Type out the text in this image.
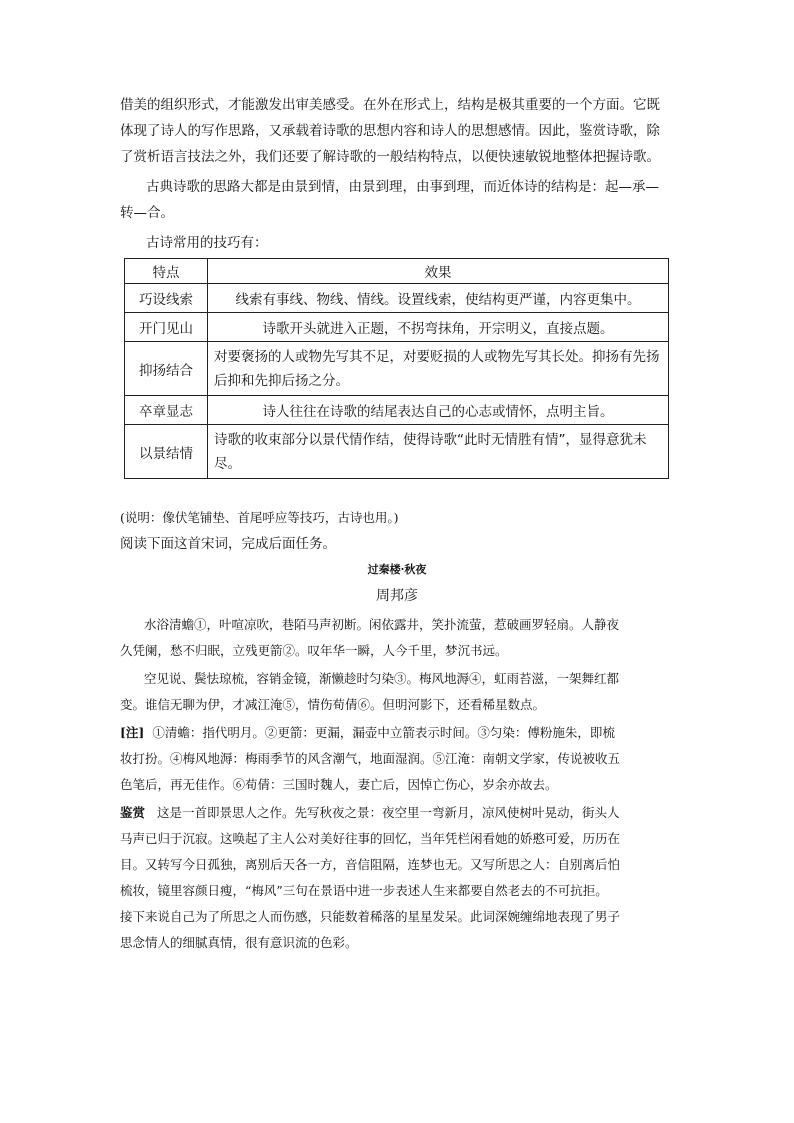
借美的组织形式，才能激发出审美感受。在外在形式上，结构是极其重要的一个方面。它既
体现了诗人的写作思路，又承载着诗歌的思想内容和诗人的思想感情。因此，鉴赏诗歌，除
了赏析语言技法之外，我们还要了解诗歌的一般结构特点，以便快速敏锐地整体把握诗歌。
古典诗歌的思路大都是由景到情，由景到理，由事到理，而近体诗的结构是：起—承—
转—合。
古诗常用的技巧有：
特点	效果
巧设线索	线索有事线、物线、情线。设置线索，使结构更严谨，内容更集中。
开门见山	诗歌开头就进入正题，不拐弯抹角，开宗明义，直接点题。
抑扬结合	对要褒扬的人或物先写其不足，对要贬损的人或物先写其长处。抑扬有先扬后抑和先抑后扬之分。
卒章显志	诗人往往在诗歌的结尾表达自己的心志或情怀，点明主旨。
以景结情	诗歌的收束部分以景代情作结，使得诗歌“此时无情胜有情”，显得意犹未尽。
(说明：像伏笔铺垫、首尾呼应等技巧，古诗也用。)
阅读下面这首宋词，完成后面任务。
过秦楼·秋夜
周邦彦
水浴清蟾①，叶喧凉吹，巷陌马声初断。闲依露井，笑扑流萤，惹破画罗轻扇。人静夜
久凭阑，愁不归眠，立残更箭②。叹年华一瞬，人今千里，梦沉书远。
空见说、鬓怯琼梳，容销金镜，渐懒趁时匀染③。梅风地溽④，虹雨苔滋，一架舞红都
变。谁信无聊为伊，才减江淹⑤，情伤荀倩⑥。但明河影下，还看稀星数点。
[注] ①清蟾：指代明月。②更箭：更漏，漏壶中立箭表示时间。③匀染：傅粉施朱，即梳
妆打扮。④梅风地溽：梅雨季节的风含潮气，地面湿润。⑤江淹：南朝文学家，传说被收五
色笔后，再无佳作。⑥荀倩：三国时魏人，妻亡后，因悼亡伤心，岁余亦故去。
鉴赏 这是一首即景思人之作。先写秋夜之景：夜空里一弯新月，凉风使树叶晃动，街头人
马声已归于沉寂。这唤起了主人公对美好往事的回忆，当年凭栏闲看她的娇憨可爱，历历在
目。又转写今日孤独，离别后天各一方，音信阻隔，连梦也无。又写所思之人：自别离后怕
梳妆，镜里容颜日瘦，“梅风”三句在景语中进一步表述人生来都要自然老去的不可抗拒。
接下来说自己为了所思之人而伤感，只能数着稀落的星星发呆。此词深婉缠绵地表现了男子
思念情人的细腻真情，很有意识流的色彩。
